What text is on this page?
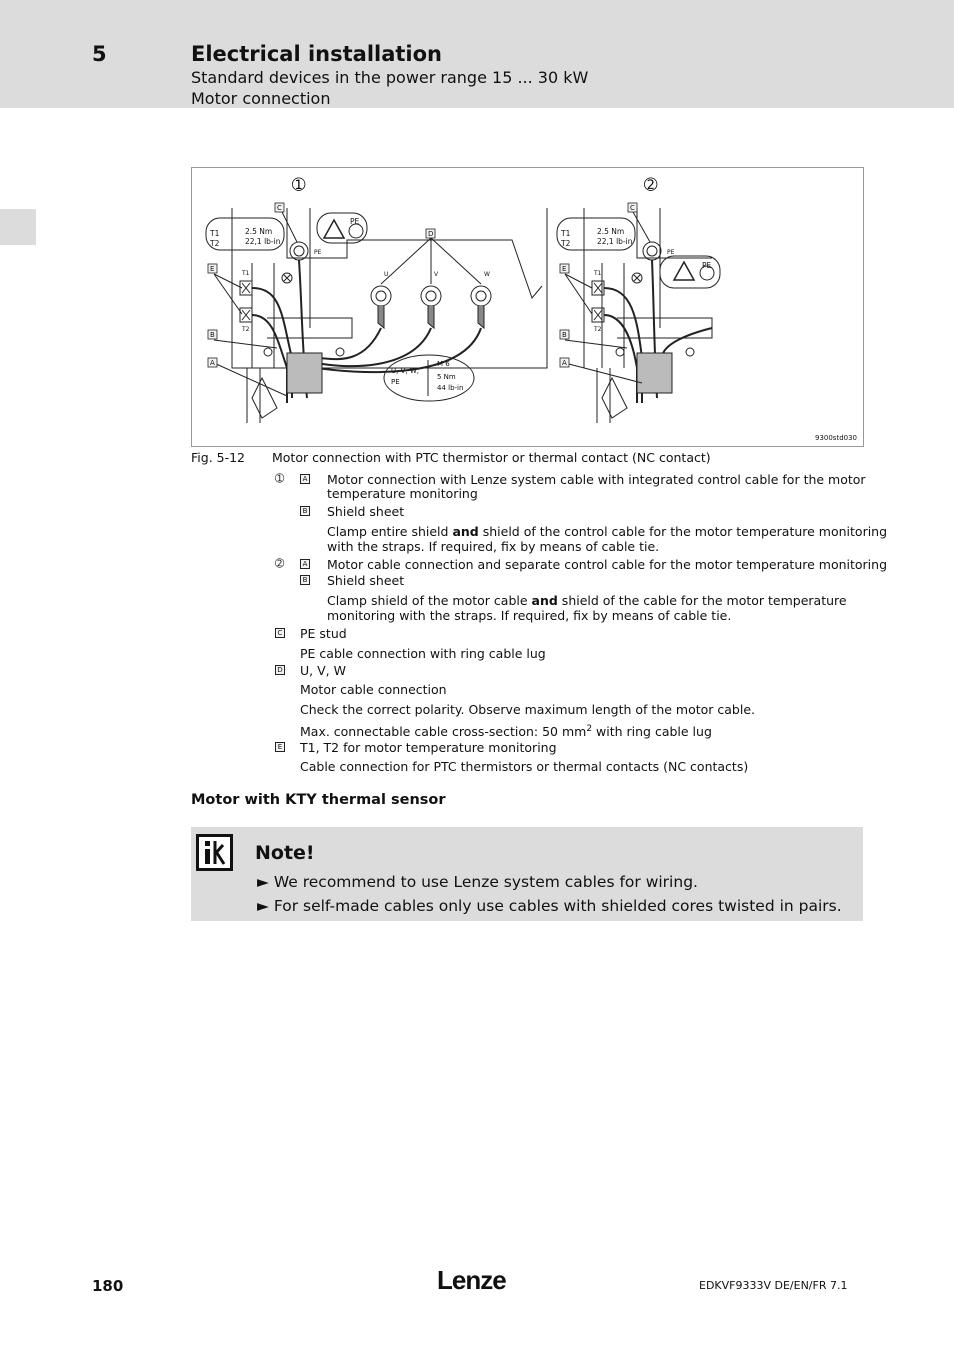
5	Electrical installation
Standard devices in the power range 15 ... 30 kW
Motor connection
➀	➁
C
D
E
B
A
C
E
B
A
T1
T2
2.5 Nm
22,1 lb-in
PE
PE
T1
T2
U	V	W
U, V, W,
PE
M 6
5 Nm
44 lb-in
T1
T2
2.5 Nm
22,1 lb-in
PE
PE
T1
T2
9300std030
Fig. 5-12 Motor connection with PTC thermistor or thermal contact (NC contact)
➀	A Motor connection with Lenze system cable with integrated control cable for the motor
temperature monitoring
B Shield sheet
Clamp entire shield and shield of the control cable for the motor temperature monitoring
with the straps. If required, fix by means of cable tie.
➁	A Motor cable connection and separate control cable for the motor temperature monitoring
B Shield sheet
Clamp shield of the motor cable and shield of the cable for the motor temperature
monitoring with the straps. If required, fix by means of cable tie.
C PE stud
PE cable connection with ring cable lug
D U, V, W
Motor cable connection
Check the correct polarity. Observe maximum length of the motor cable.
Max. connectable cable cross-section: 50 $mm^2$ with ring cable lug
E T1, T2 for motor temperature monitoring
Cable connection for PTC thermistors or thermal contacts (NC contacts)
Motor with KTY thermal sensor
Note!
► We recommend to use Lenze system cables for wiring.
► For self-made cables only use cables with shielded cores twisted in pairs.
180	Lenze	EDKVF9333V DE/EN/FR 7.1
